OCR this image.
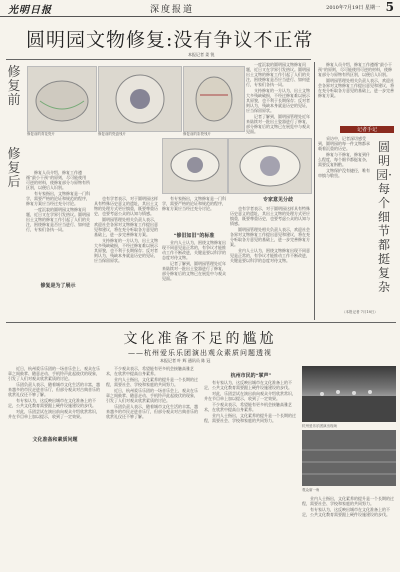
光明日报	深度报道	2010年7月19日 星期一 5
圆明园文物修复:没有争议不正常
本报记者 姜 锐
修复前
修复后
修复前的青花瓷片	修复前的瓷盘残片	修复前的彩瓷残片

一度沉寂的圆明园文物修复问题，近日又在学界引发热议。圆明园出土文物的修复工作引起了人们的关注，围绕修复是否应当进行、如何进行，专家们各执一词。

支持修复的一方认为，出土文物大多残缺破损，不经过修复难以展示其原貌，也不利于长期保存；反对者则认为，残缺本身就是历史的见证，应当保留原状。

记者了解到，圆明园管理处近年来陆续对一批出土瓷器进行了修复，部分修复后的文物已在展览中与观众见面。

专家意见分歧

修复人员介绍，修复工作遵循“最小干预”的原则，尽可能使用可逆的材料，使修复部分与原物有所区别，以便后人识别。

有专家指出，文物修复是一门科学，需要严格的论证和规范的程序，修复方案应当经过充分讨论。

一度沉寂的圆明园文物修复问题，近日又在学界引发热议。圆明园出土文物的修复工作引起了人们的关注，围绕修复是否应当进行、如何进行，专家们各执一词。

修复是为了展示

也有学者表示，对于圆明园这样具有特殊历史意义的遗址，其出土文物的处理方式更应慎重，既要尊重历史，也要考虑公众的认知与情感。

圆明园管理处相关负责人表示，欢迎社会各界对文物修复工作提出意见和建议，将在充分听取各方意见的基础上，进一步完善修复方案。

支持修复的一方认为，出土文物大多残缺破损，不经过修复难以展示其原貌，也不利于长期保存；反对者则认为，残缺本身就是历史的见证，应当保留原状。

“修旧如旧”的标准

业内人士认为，围绕文物修复出现不同意见是正常的，有争议才能推动工作不断改进，关键是要以科学的态度对待文物。

记者了解到，圆明园管理处近年来陆续对一批出土瓷器进行了修复，部分修复后的文物已在展览中与观众见面。

有专家指出，文物修复是一门科学，需要严格的论证和规范的程序，修复方案应当经过充分讨论。	也有学者表示，对于圆明园这样具有特殊历史意义的遗址，其出土文物的处理方式更应慎重，既要尊重历史，也要考虑公众的认知与情感。

圆明园管理处相关负责人表示，欢迎社会各界对文物修复工作提出意见和建议，将在充分听取各方意见的基础上，进一步完善修复方案。

业内人士认为，围绕文物修复出现不同意见是正常的，有争议才能推动工作不断改进，关键是要以科学的态度对待文物。

修复人员介绍，修复工作遵循“最小干预”的原则，尽可能使用可逆的材料，使修复部分与原物有所区别，以便后人识别。

圆明园管理处相关负责人表示，欢迎社会各界对文物修复工作提出意见和建议，将在充分听取各方意见的基础上，进一步完善修复方案。

记者手记

采访中，记者深切感受到，圆明园的每一件文物都承载着沉重的历史。

修复与不修复，修复到什么程度，每个细节都挺复杂，需要反复斟酌。

文物保护没有捷径，唯有审慎与敬畏。

圆明园·每个细节都挺复杂
（本报记者 7月18日）
文化准备不足的尴尬
——杭州爱乐乐团演出观众素质问题透视
本报记者 叶 辉 通讯员 陈 冠

近日，杭州爱乐乐团的一场音乐会上，观众在乐章之间鼓掌、随意走动、手机铃声此起彼伏的现象，引发了人们对观众欣赏素质的讨论。

乐团负责人表示，随着城市文化生活的丰富，越来越多的市民走进音乐厅，但部分观众对古典音乐的欣赏礼仪还不够了解。

有专家认为，这反映出城市在文化准备上的不足，公共文化教育需要跟上硬件设施建设的步伐。

对此，乐团尝试在演出前向观众介绍欣赏常识，并在节目单上加以提示，收到了一定效果。

文化准备和素质问题

不少观众表示，希望能有更多机会接触高雅艺术，在欣赏中提高自身素养。

业内人士指出，文化素养的提升是一个长期的过程，需要社会、学校和家庭的共同努力。

近日，杭州爱乐乐团的一场音乐会上，观众在乐章之间鼓掌、随意走动、手机铃声此起彼伏的现象，引发了人们对观众欣赏素质的讨论。

乐团负责人表示，随着城市文化生活的丰富，越来越多的市民走进音乐厅，但部分观众对古典音乐的欣赏礼仪还不够了解。

杭州市民的“掌声”

有专家认为，这反映出城市在文化准备上的不足，公共文化教育需要跟上硬件设施建设的步伐。

对此，乐团尝试在演出前向观众介绍欣赏常识，并在节目单上加以提示，收到了一定效果。

不少观众表示，希望能有更多机会接触高雅艺术，在欣赏中提高自身素养。

业内人士指出，文化素养的提升是一个长期的过程，需要社会、学校和家庭的共同努力。

杭州爱乐乐团演出现场
观众席一角

业内人士指出，文化素养的提升是一个长期的过程，需要社会、学校和家庭的共同努力。

有专家认为，这反映出城市在文化准备上的不足，公共文化教育需要跟上硬件设施建设的步伐。
